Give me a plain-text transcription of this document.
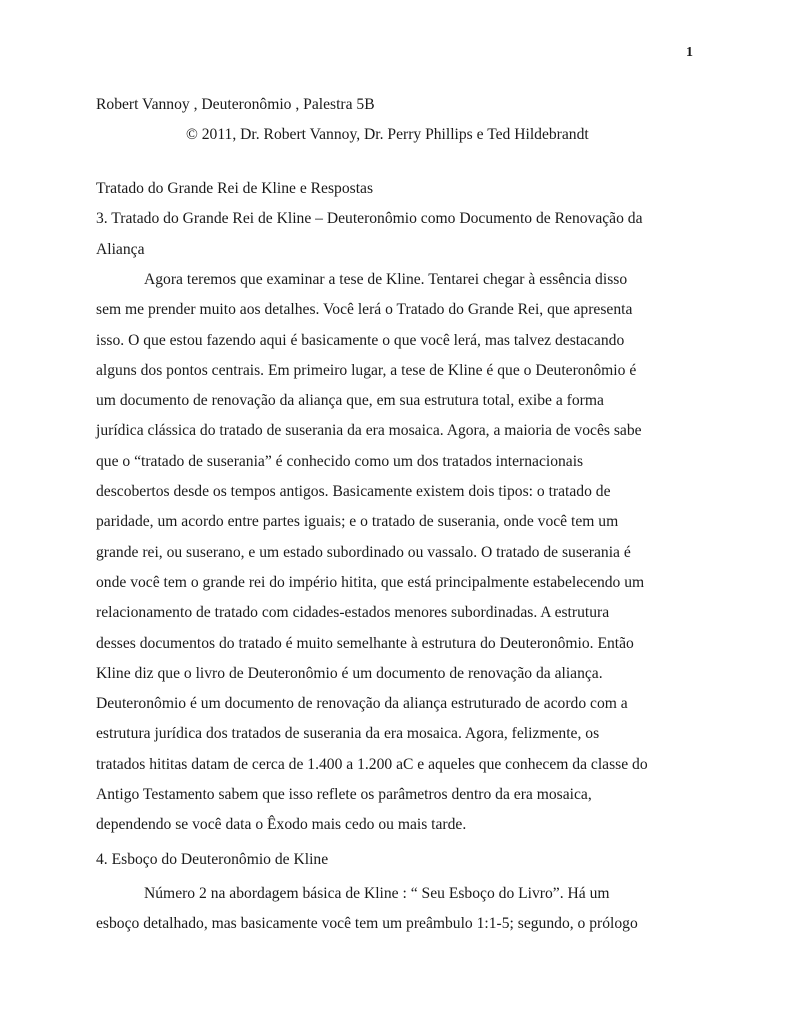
1
Robert Vannoy , Deuteronômio , Palestra 5B
© 2011, Dr. Robert Vannoy, Dr. Perry Phillips e Ted Hildebrandt
Tratado do Grande Rei de Kline e Respostas
3. Tratado do Grande Rei de Kline – Deuteronômio como Documento de Renovação da
Aliança
Agora teremos que examinar a tese de Kline. Tentarei chegar à essência disso
sem me prender muito aos detalhes. Você lerá o Tratado do Grande Rei, que apresenta
isso. O que estou fazendo aqui é basicamente o que você lerá, mas talvez destacando
alguns dos pontos centrais. Em primeiro lugar, a tese de Kline é que o Deuteronômio é
um documento de renovação da aliança que, em sua estrutura total, exibe a forma
jurídica clássica do tratado de suserania da era mosaica. Agora, a maioria de vocês sabe
que o “tratado de suserania” é conhecido como um dos tratados internacionais
descobertos desde os tempos antigos. Basicamente existem dois tipos: o tratado de
paridade, um acordo entre partes iguais; e o tratado de suserania, onde você tem um
grande rei, ou suserano, e um estado subordinado ou vassalo. O tratado de suserania é
onde você tem o grande rei do império hitita, que está principalmente estabelecendo um
relacionamento de tratado com cidades-estados menores subordinadas. A estrutura
desses documentos do tratado é muito semelhante à estrutura do Deuteronômio. Então
Kline diz que o livro de Deuteronômio é um documento de renovação da aliança.
Deuteronômio é um documento de renovação da aliança estruturado de acordo com a
estrutura jurídica dos tratados de suserania da era mosaica. Agora, felizmente, os
tratados hititas datam de cerca de 1.400 a 1.200 aC e aqueles que conhecem da classe do
Antigo Testamento sabem que isso reflete os parâmetros dentro da era mosaica,
dependendo se você data o Êxodo mais cedo ou mais tarde.
4. Esboço do Deuteronômio de Kline
Número 2 na abordagem básica de Kline : “ Seu Esboço do Livro”. Há um
esboço detalhado, mas basicamente você tem um preâmbulo 1:1-5; segundo, o prólogo
